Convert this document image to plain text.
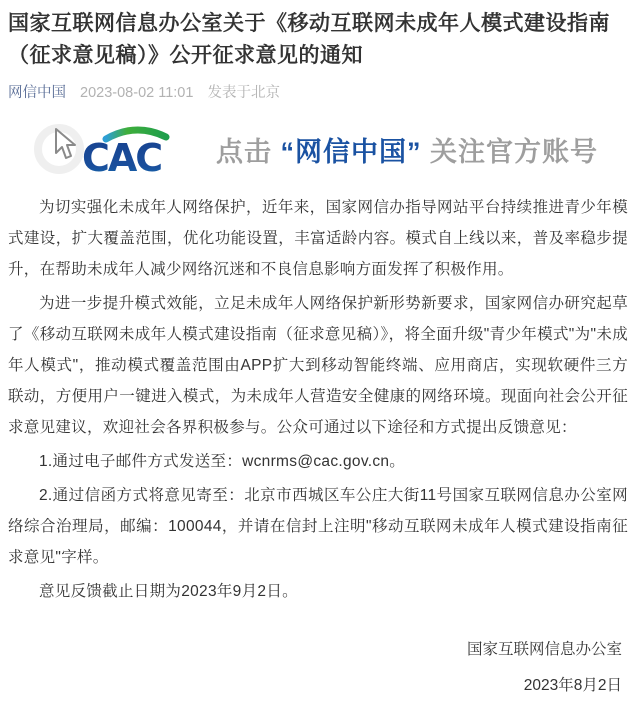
国家互联网信息办公室关于《移动互联网未成年人模式建设指南（征求意见稿）》公开征求意见的通知
网信中国 2023-08-02 11:01 发表于北京
CAC 点击 “网信中国” 关注官方账号

为切实强化未成年人网络保护，近年来，国家网信办指导网站平台持续推进青少年模式建设，扩大覆盖范围，优化功能设置，丰富适龄内容。模式自上线以来，普及率稳步提升，在帮助未成年人减少网络沉迷和不良信息影响方面发挥了积极作用。

为进一步提升模式效能，立足未成年人网络保护新形势新要求，国家网信办研究起草了《移动互联网未成年人模式建设指南（征求意见稿）》，将全面升级"青少年模式"为"未成年人模式"，推动模式覆盖范围由APP扩大到移动智能终端、应用商店，实现软硬件三方联动，方便用户一键进入模式，为未成年人营造安全健康的网络环境。现面向社会公开征求意见建议，欢迎社会各界积极参与。公众可通过以下途径和方式提出反馈意见：

1.通过电子邮件方式发送至：wcnrms@cac.gov.cn。

2.通过信函方式将意见寄至：北京市西城区车公庄大街11号国家互联网信息办公室网络综合治理局，邮编：100044，并请在信封上注明"移动互联网未成年人模式建设指南征求意见"字样。

意见反馈截止日期为2023年9月2日。

国家互联网信息办公室

2023年8月2日
